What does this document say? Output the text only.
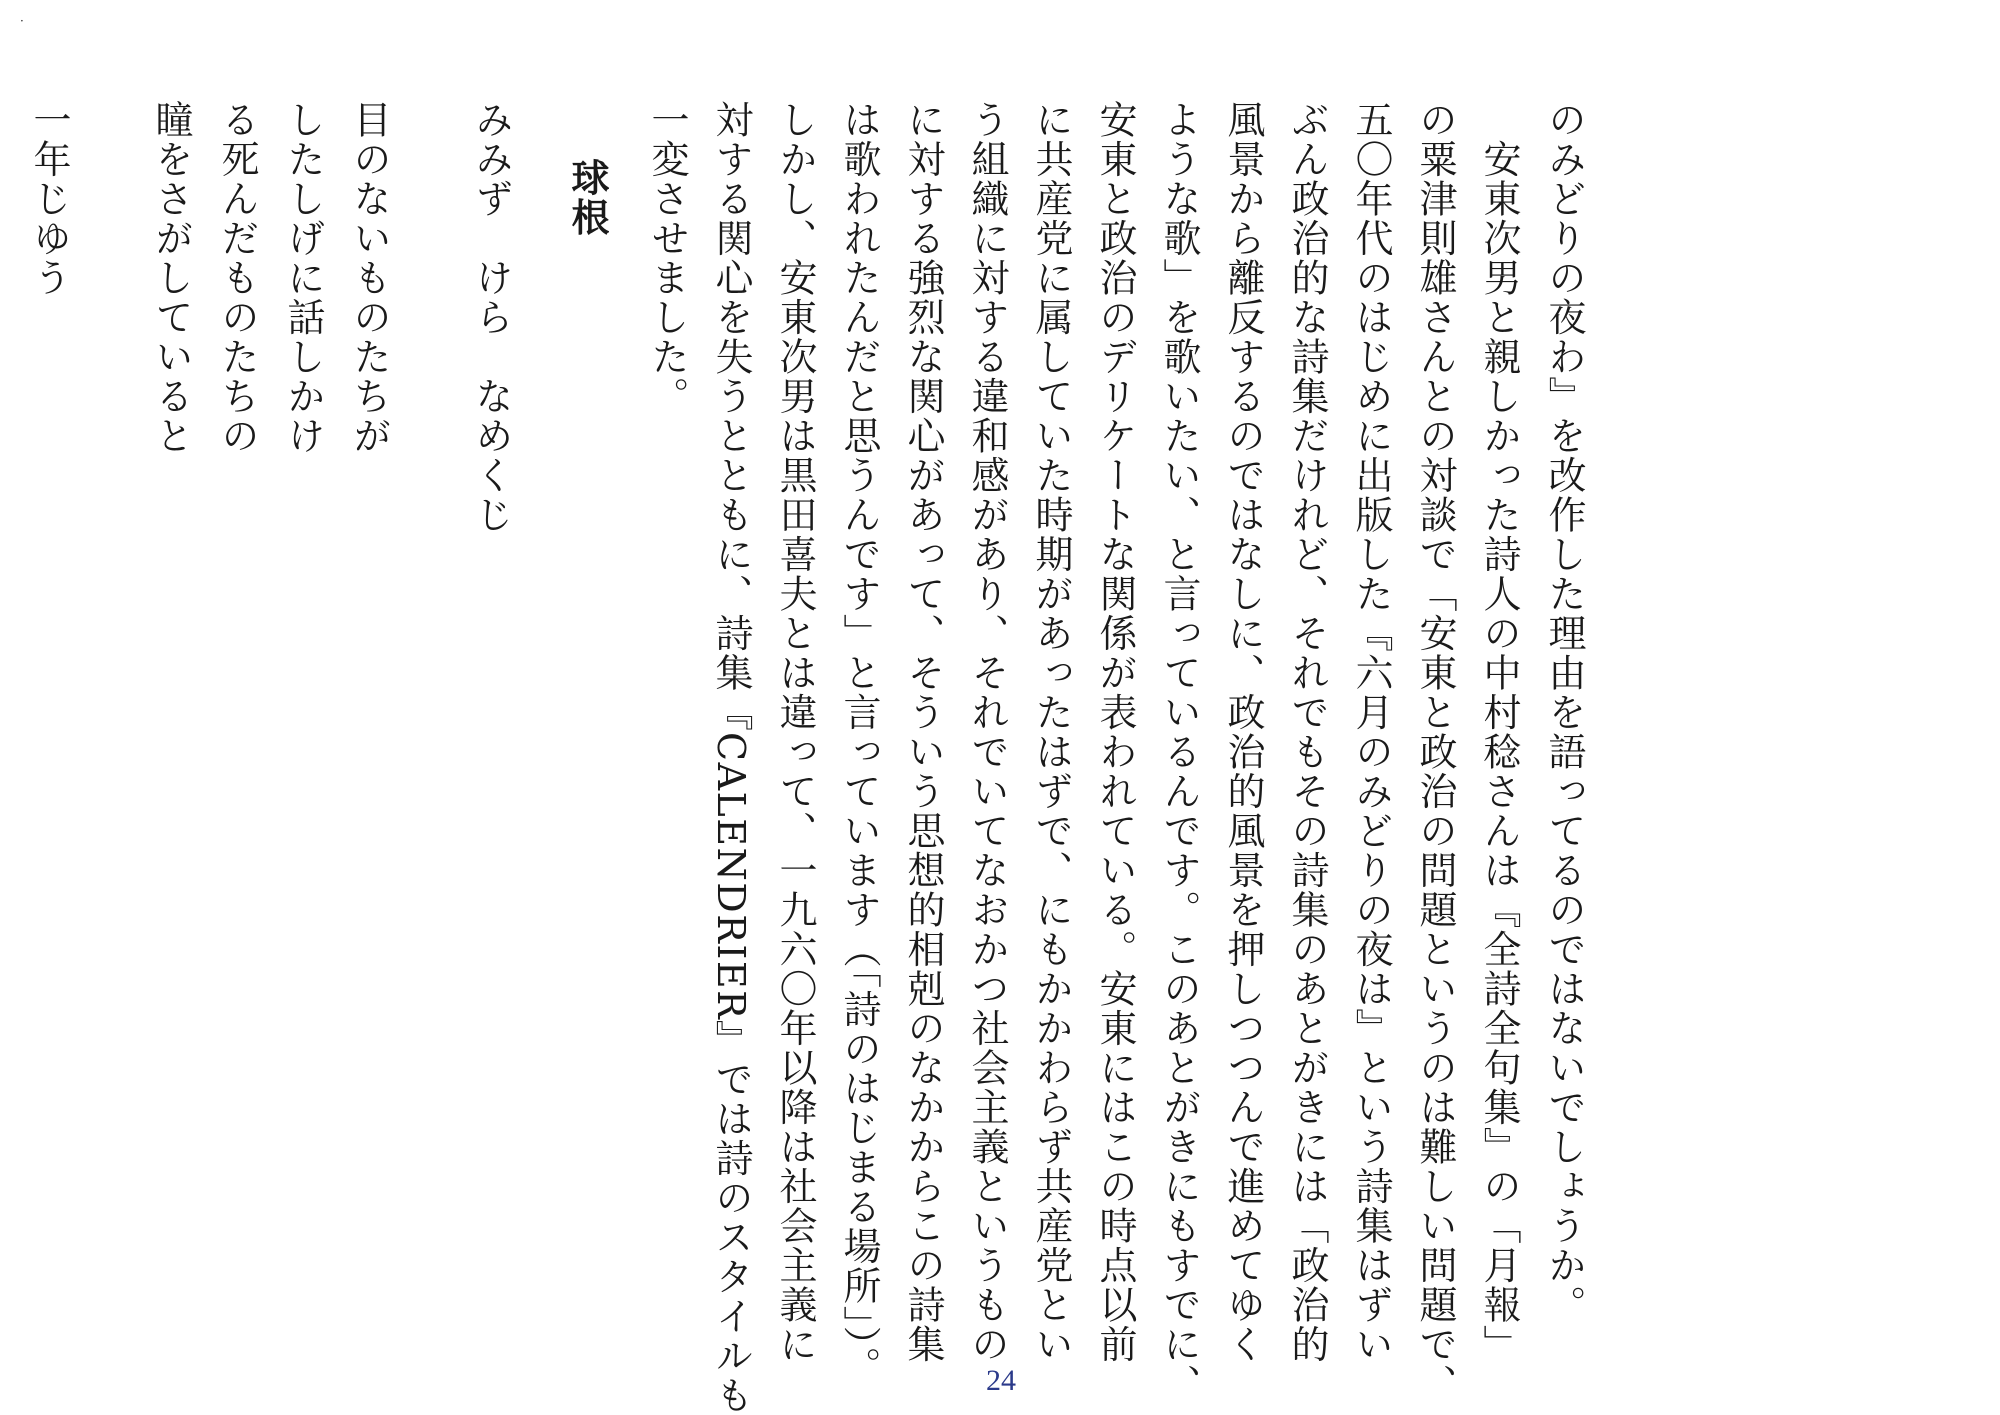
·
のみどりの夜わ』を改作した理由を語ってるのではないでしょうか。
　安東次男と親しかった詩人の中村稔さんは『全詩全句集』の「月報」
の粟津則雄さんとの対談で「安東と政治の問題というのは難しい問題で、
五〇年代のはじめに出版した『六月のみどりの夜は』という詩集はずい
ぶん政治的な詩集だけれど、それでもその詩集のあとがきには「政治的
風景から離反するのではなしに、政治的風景を押しつつんで進めてゆく
ような歌」を歌いたい、と言っているんです。このあとがきにもすでに、
安東と政治のデリケートな関係が表われている。安東にはこの時点以前
に共産党に属していた時期があったはずで、にもかかわらず共産党とい
う組織に対する違和感があり、それでいてなおかつ社会主義というもの
に対する強烈な関心があって、そういう思想的相剋のなかからこの詩集
は歌われたんだと思うんです」と言っています（「詩のはじまる場所」）。
しかし、安東次男は黒田喜夫とは違って、一九六〇年以降は社会主義に
対する関心を失うとともに、詩集『CALENDRIER』では詩のスタイルも
一変させました。
球根
みみず　けら　なめくじ
目のないものたちが
したしげに話しかけ
る死んだものたちの
瞳をさがしていると
一年じゆう
24
